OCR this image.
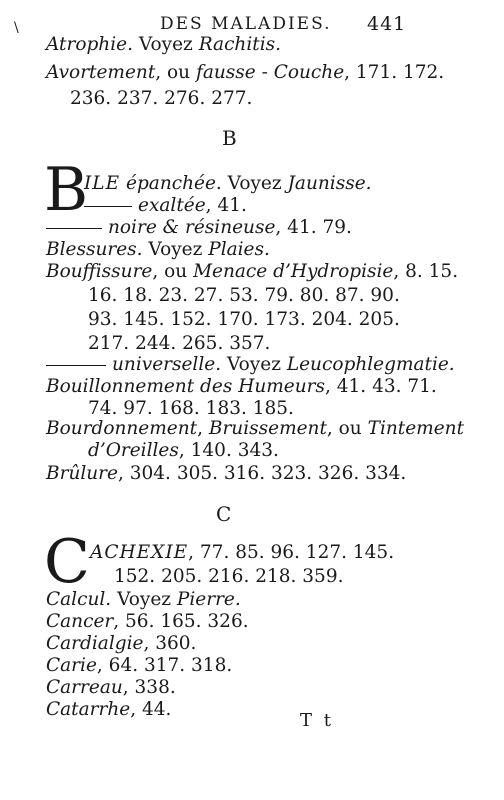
\	DES MALADIES. 441
Atrophie. Voyez Rachitis.
Avortement, ou fausse - Couche, 171. 172.
236. 237. 276. 277.
B
B
ILE épanchée. Voyez Jaunisse.
exaltée, 41.
noire & résineuse, 41. 79.
Blessures. Voyez Plaies.
Bouffissure, ou Menace d’Hydropisie, 8. 15.
16. 18. 23. 27. 53. 79. 80. 87. 90.
93. 145. 152. 170. 173. 204. 205.
217. 244. 265. 357.
universelle. Voyez Leucophlegmatie.
Bouillonnement des Humeurs, 41. 43. 71.
74. 97. 168. 183. 185.
Bourdonnement, Bruissement, ou Tintement
d’Oreilles, 140. 343.
Brûlure, 304. 305. 316. 323. 326. 334.
C
C ACHEXIE, 77. 85. 96. 127. 145.
152. 205. 216. 218. 359.
Calcul. Voyez Pierre.
Cancer, 56. 165. 326.
Cardialgie, 360.
Carie, 64. 317. 318.
Carreau, 338.
Catarrhe, 44.
T t
